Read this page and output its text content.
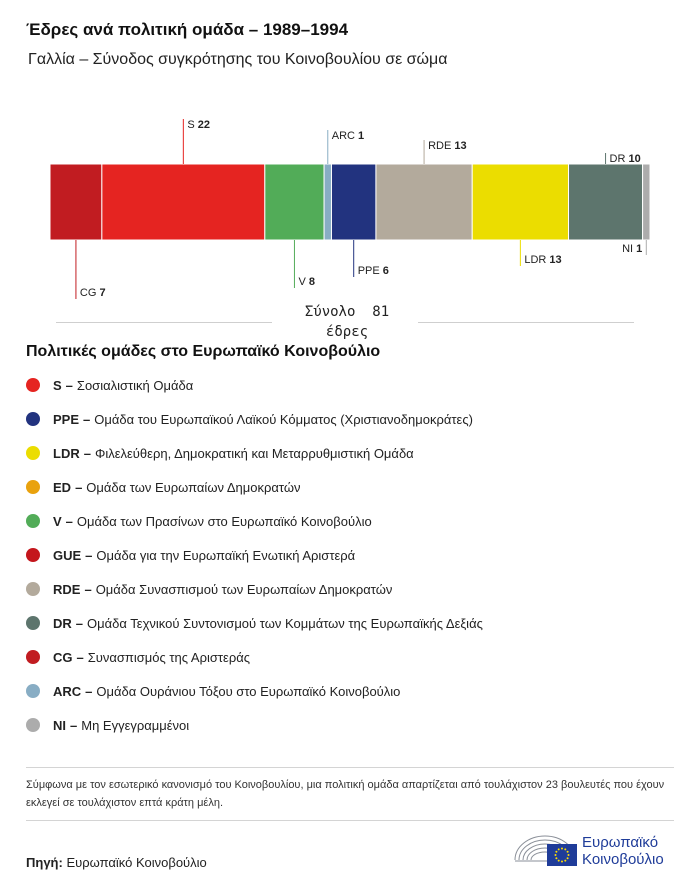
Έδρες ανά πολιτική ομάδα – 1989–1994
Γαλλία – Σύνοδος συγκρότησης του Κοινοβουλίου σε σώμα
CG 7
S 22
V 8
ARC 1
PPE 6
RDE 13
LDR 13
DR 10
NI 1
Σύνολο 81
έδρες
Πολιτικές ομάδες στο Ευρωπαϊκό Κοινοβούλιο
S – Σοσιαλιστική Ομάδα
PPE – Ομάδα του Ευρωπαϊκού Λαϊκού Κόμματος (Χριστιανοδημοκράτες)
LDR – Φιλελεύθερη, Δημοκρατική και Μεταρρυθμιστική Ομάδα
ED – Ομάδα των Ευρωπαίων Δημοκρατών
V – Ομάδα των Πρασίνων στο Ευρωπαϊκό Κοινοβούλιο
GUE – Ομάδα για την Ευρωπαϊκή Ενωτική Αριστερά
RDE – Ομάδα Συνασπισμού των Ευρωπαίων Δημοκρατών
DR – Ομάδα Τεχνικού Συντονισμού των Κομμάτων της Ευρωπαϊκής Δεξιάς
CG – Συνασπισμός της Αριστεράς
ARC – Ομάδα Ουράνιου Τόξου στο Ευρωπαϊκό Κοινοβούλιο
NI – Μη Εγγεγραμμένοι
Σύμφωνα με τον εσωτερικό κανονισμό του Κοινοβουλίου, μια πολιτική ομάδα απαρτίζεται από τουλάχιστον 23 βουλευτές που έχουν εκλεγεί σε τουλάχιστον επτά κράτη μέλη.
Πηγή: Ευρωπαϊκό Κοινοβούλιο
Ευρωπαϊκό
Κοινοβούλιο
